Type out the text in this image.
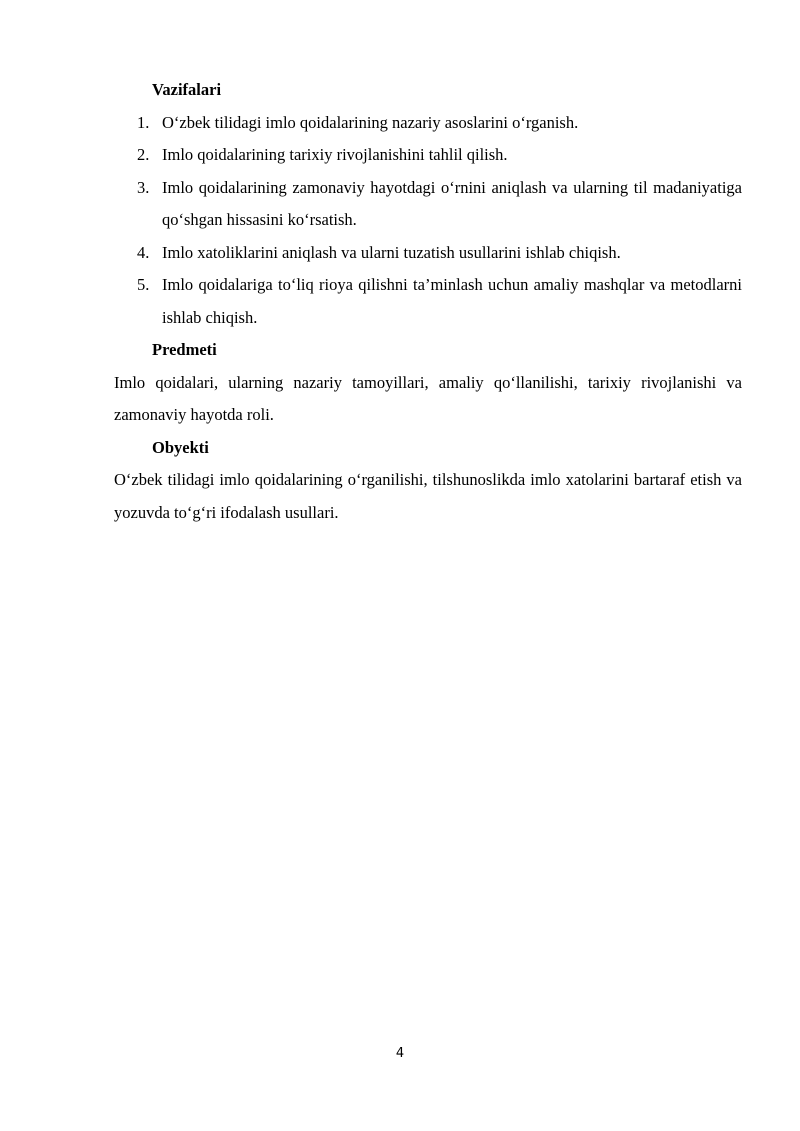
Vazifalari
1. O‘zbek tilidagi imlo qoidalarining nazariy asoslarini o‘rganish.
2. Imlo qoidalarining tarixiy rivojlanishini tahlil qilish.
3. Imlo qoidalarining zamonaviy hayotdagi o‘rnini aniqlash va ularning til madaniyatiga qo‘shgan hissasini ko‘rsatish.
4. Imlo xatoliklarini aniqlash va ularni tuzatish usullarini ishlab chiqish.
5. Imlo qoidalariga to‘liq rioya qilishni ta’minlash uchun amaliy mashqlar va metodlarni ishlab chiqish.
Predmeti
Imlo qoidalari, ularning nazariy tamoyillari, amaliy qo‘llanilishi, tarixiy rivojlanishi va zamonaviy hayotda roli.
Obyekti
O‘zbek tilidagi imlo qoidalarining o‘rganilishi, tilshunoslikda imlo xatolarini bartaraf etish va yozuvda to‘g‘ri ifodalash usullari.
4
